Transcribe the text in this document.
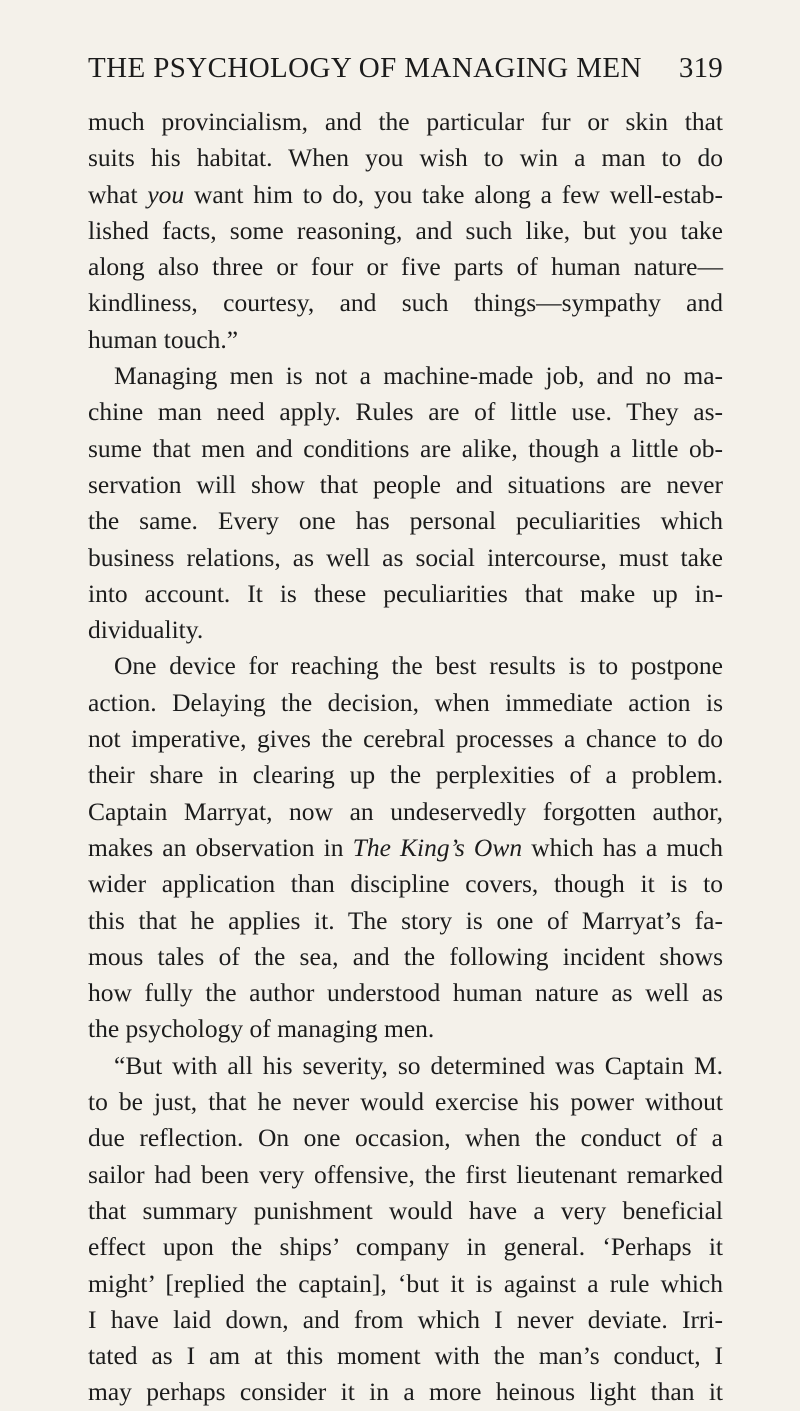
THE PSYCHOLOGY OF MANAGING MEN 319
much provincialism, and the particular fur or skin that
suits his habitat. When you wish to win a man to do
what you want him to do, you take along a few well-estab-
lished facts, some reasoning, and such like, but you take
along also three or four or five parts of human nature—
kindliness, courtesy, and such things—sympathy and
human touch.”
Managing men is not a machine-made job, and no ma-
chine man need apply. Rules are of little use. They as-
sume that men and conditions are alike, though a little ob-
servation will show that people and situations are never
the same. Every one has personal peculiarities which
business relations, as well as social intercourse, must take
into account. It is these peculiarities that make up in-
dividuality.
One device for reaching the best results is to postpone
action. Delaying the decision, when immediate action is
not imperative, gives the cerebral processes a chance to do
their share in clearing up the perplexities of a problem.
Captain Marryat, now an undeservedly forgotten author,
makes an observation in The King’s Own which has a much
wider application than discipline covers, though it is to
this that he applies it. The story is one of Marryat’s fa-
mous tales of the sea, and the following incident shows
how fully the author understood human nature as well as
the psychology of managing men.
“But with all his severity, so determined was Captain M.
to be just, that he never would exercise his power without
due reflection. On one occasion, when the conduct of a
sailor had been very offensive, the first lieutenant remarked
that summary punishment would have a very beneficial
effect upon the ships’ company in general. ‘Perhaps it
might’ [replied the captain], ‘but it is against a rule which
I have laid down, and from which I never deviate. Irri-
tated as I am at this moment with the man’s conduct, I
may perhaps consider it in a more heinous light than it
